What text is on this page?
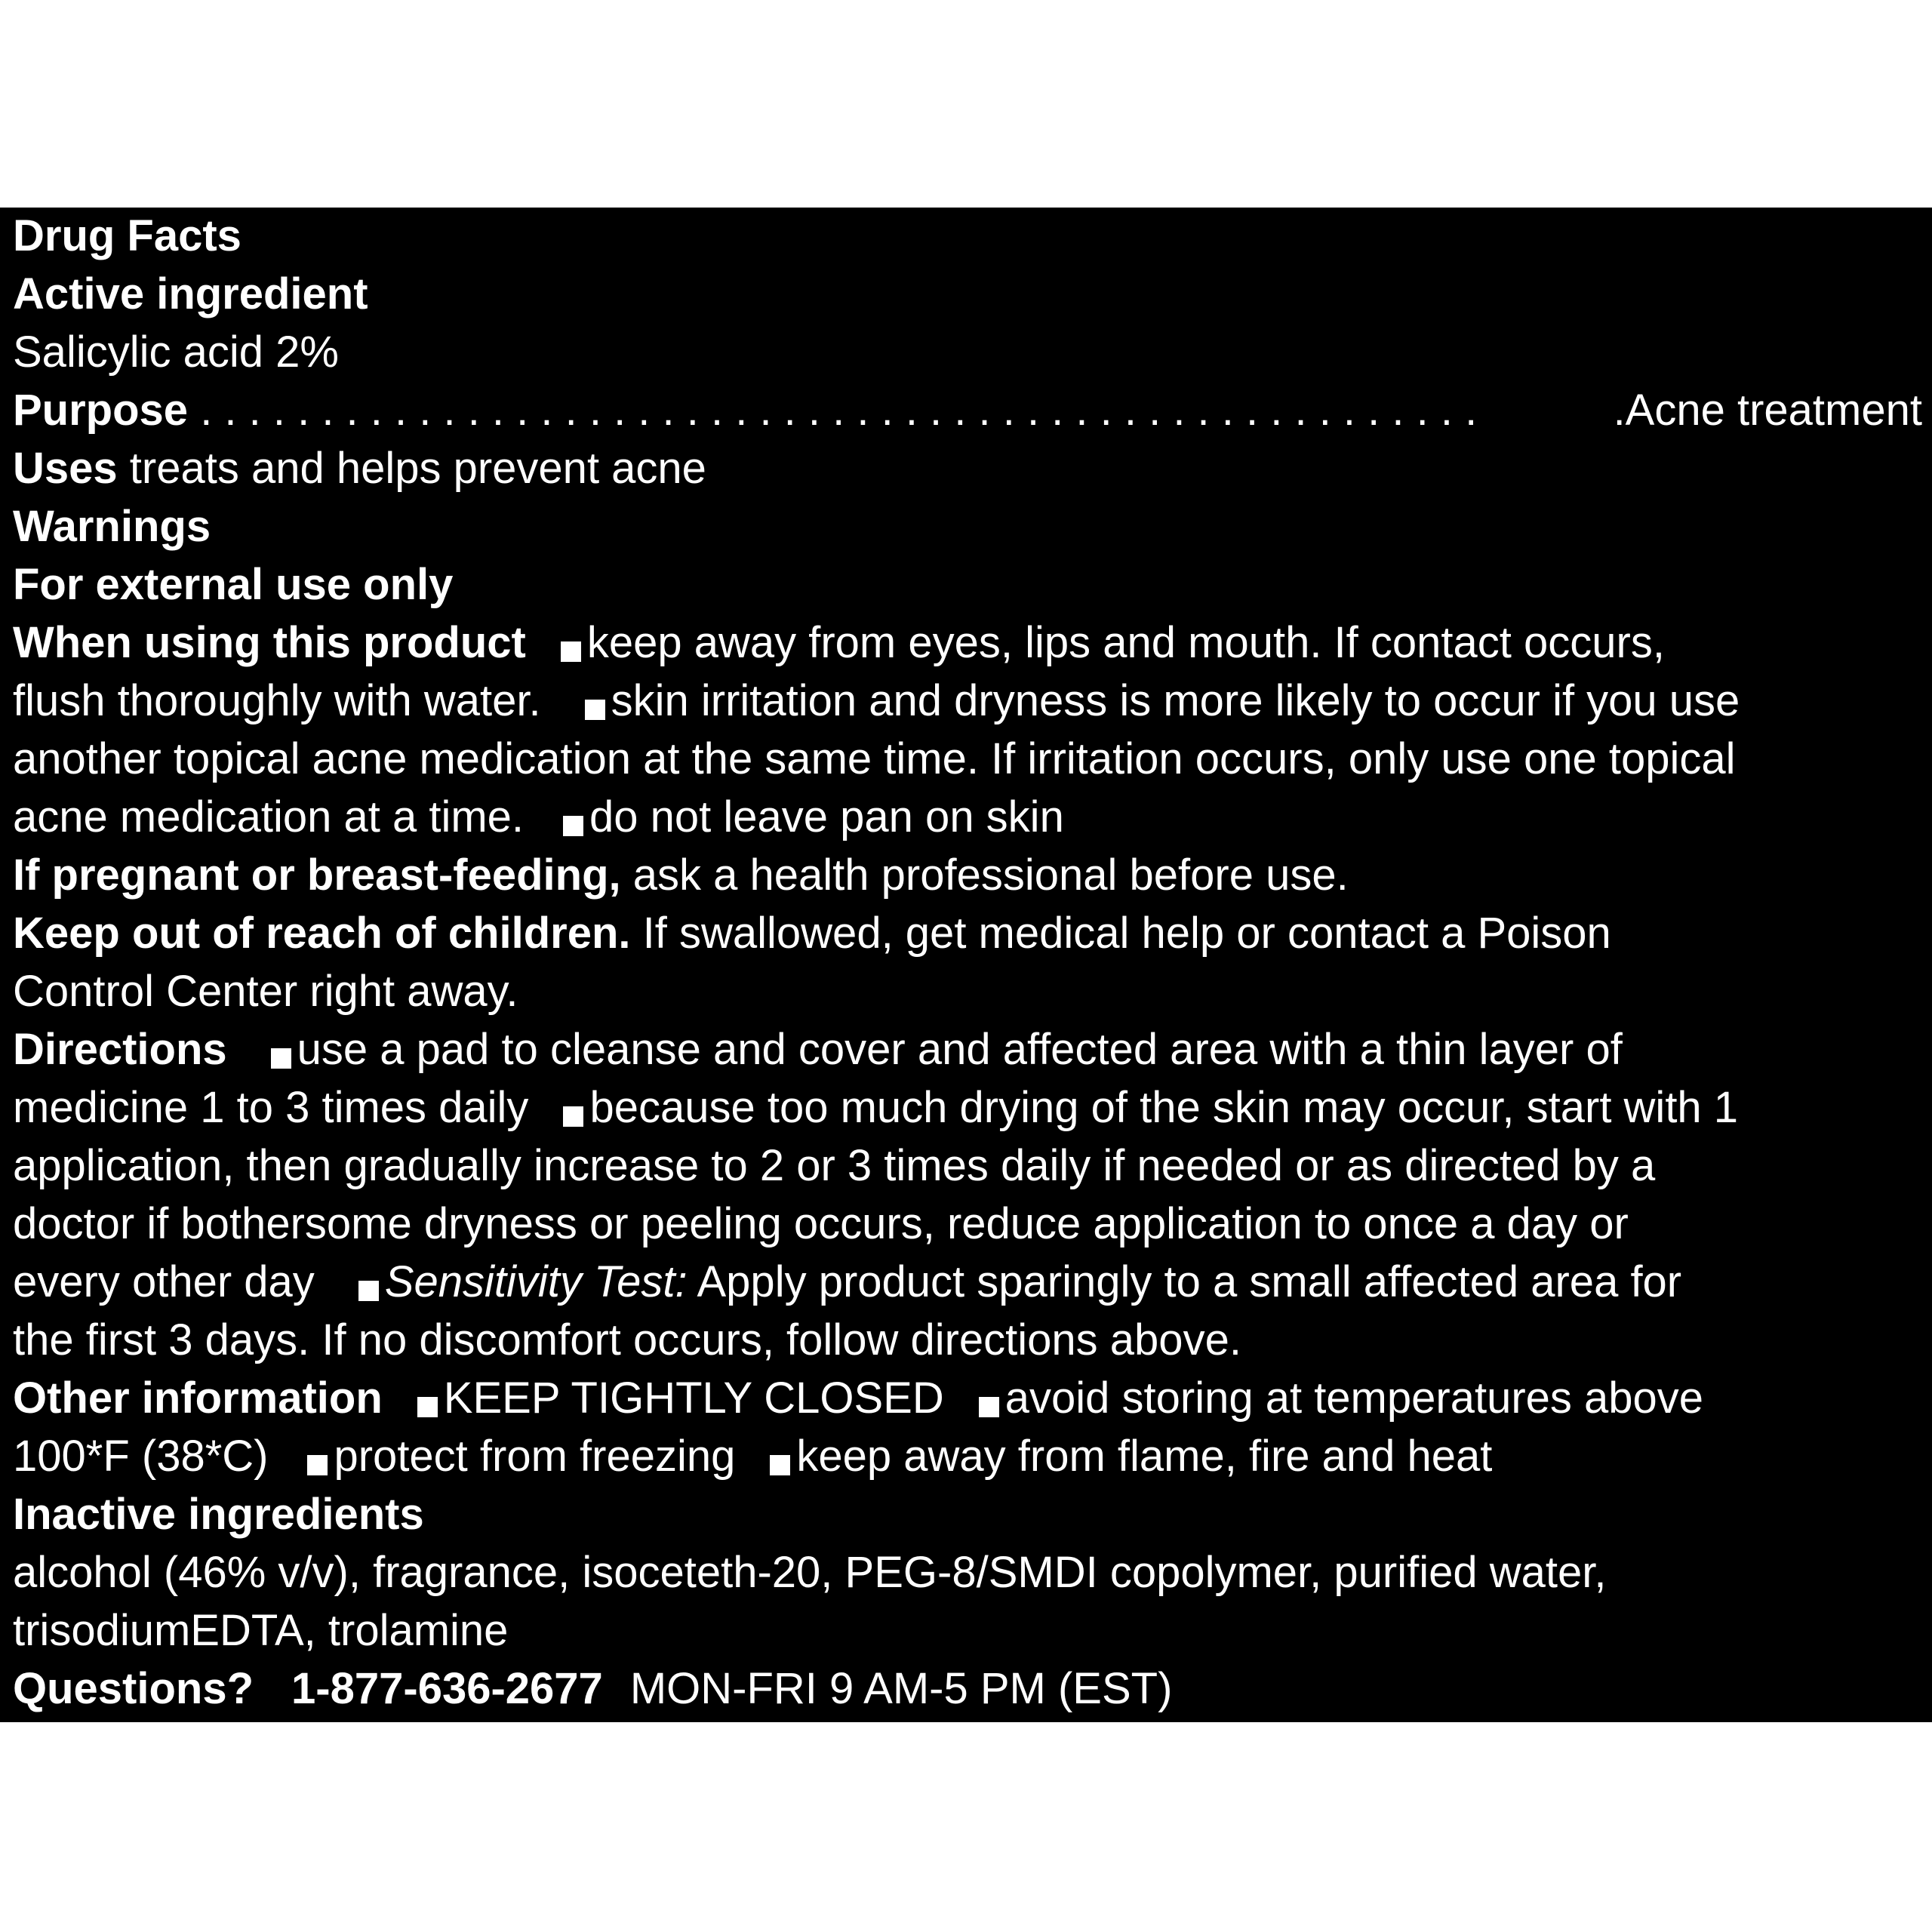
Drug Facts
Active ingredient
Salicylic acid 2%
Purpose . . . . . . . . . . . . . . . . . . . . . . . . . . . . . . . . . . . . . . . . . . . . . . . . . . . . .	.Acne treatment
Uses treats and helps prevent acne
Warnings
For external use only
When using this product keep away from eyes, lips and mouth. If contact occurs,
flush thoroughly with water. skin irritation and dryness is more likely to occur if you use
another topical acne medication at the same time. If irritation occurs, only use one topical
acne medication at a time. do not leave pan on skin
If pregnant or breast-feeding, ask a health professional before use.
Keep out of reach of children. If swallowed, get medical help or contact a Poison
Control Center right away.
Directions use a pad to cleanse and cover and affected area with a thin layer of
medicine 1 to 3 times daily because too much drying of the skin may occur, start with 1
application, then gradually increase to 2 or 3 times daily if needed or as directed by a
doctor if bothersome dryness or peeling occurs, reduce application to once a day or
every other day Sensitivity Test: Apply product sparingly to a small affected area for
the first 3 days. If no discomfort occurs, follow directions above.
Other information KEEP TIGHTLY CLOSED avoid storing at temperatures above
100*F (38*C) protect from freezing keep away from flame, fire and heat
Inactive ingredients
alcohol (46% v/v), fragrance, isoceteth-20, PEG-8/SMDI copolymer, purified water,
trisodiumEDTA, trolamine
Questions? 1-877-636-2677 MON-FRI 9 AM-5 PM (EST)
